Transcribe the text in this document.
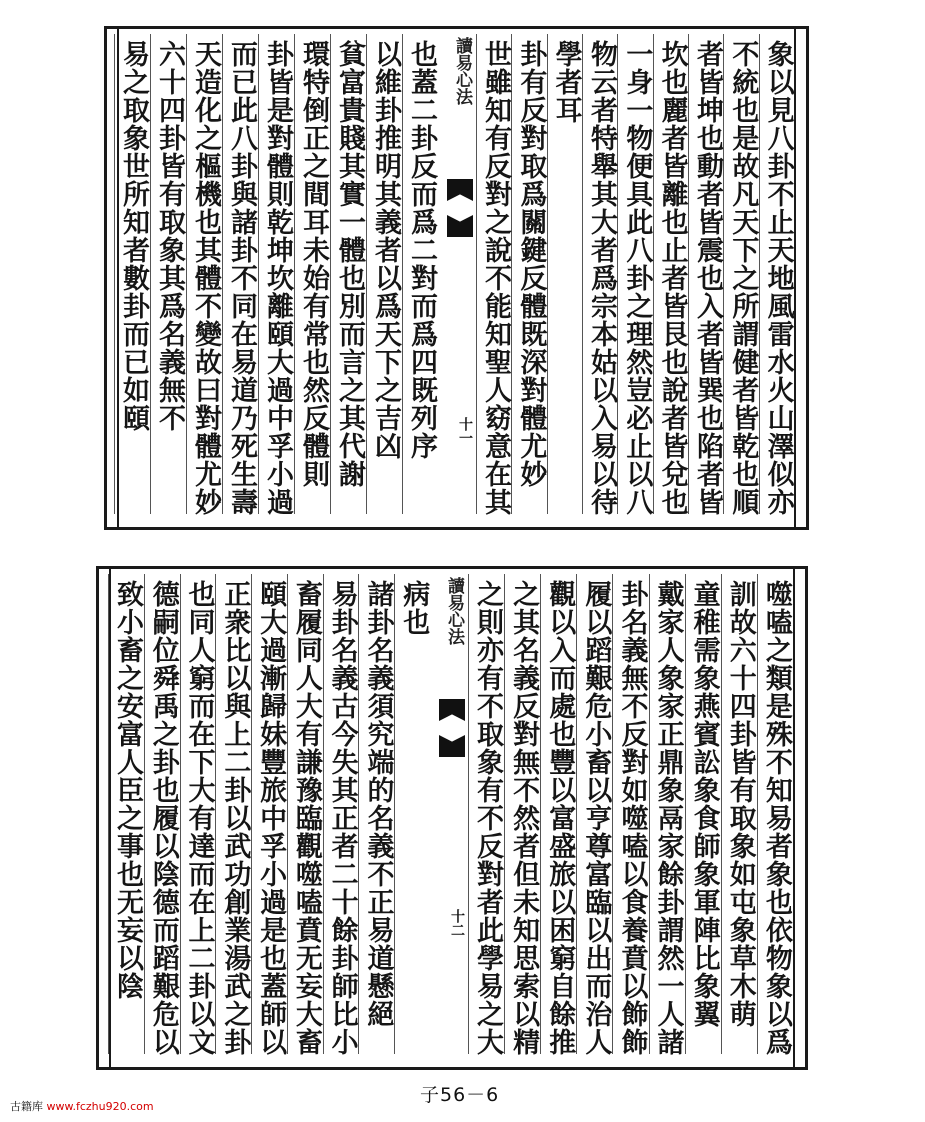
讀易心法
十一
讀易心法
十二
象以見八卦不止天地風雷水火山澤似亦
不統也是故凡天下之所謂健者皆乾也順
者皆坤也動者皆震也入者皆巽也陷者皆
坎也麗者皆離也止者皆艮也說者皆兌也
一身一物便具此八卦之理然豈必止以八
物云者特舉其大者爲宗本姑以入易以待
學者耳
卦有反對取爲關鍵反體既深對體尤妙
世雖知有反對之說不能知聖人窈意在其
也蓋二卦反而爲二對而爲四既列序
以維卦推明其義者以爲天下之吉凶
貧富貴賤其實一體也別而言之其代謝
環特倒正之間耳未始有常也然反體則
卦皆是對體則乾坤坎離頤大過中孚小過
而已此八卦與諸卦不同在易道乃死生壽
天造化之樞機也其體不變故曰對體尤妙
六十四卦皆有取象其爲名義無不
易之取象世所知者數卦而已如頤
噬嗑之類是殊不知易者象也依物象以爲
訓故六十四卦皆有取象如屯象草木萌
童稚需象燕賓訟象食師象軍陣比象翼
戴家人象家正鼎象鬲家餘卦謂然一人諸
卦名義無不反對如噬嗑以食養賁以飾飾
履以蹈艱危小畜以亨尊富臨以出而治人
觀以入而處也豐以富盛旅以困窮自餘推
之其名義反對無不然者但未知思索以精
之則亦有不取象有不反對者此學易之大
病也
諸卦名義須究端的名義不正易道懸絕
易卦名義古今失其正者二十餘卦師比小
畜履同人大有謙豫臨觀噬嗑賁无妄大畜
頤大過漸歸妹豐旅中孚小過是也蓋師以
正衆比以與上二卦以武功創業湯武之卦
也同人窮而在下大有達而在上二卦以文
德嗣位舜禹之卦也履以陰德而蹈艱危以
致小畜之安富人臣之事也无妄以陰
子56－6
古籍库 www.fczhu920.com
